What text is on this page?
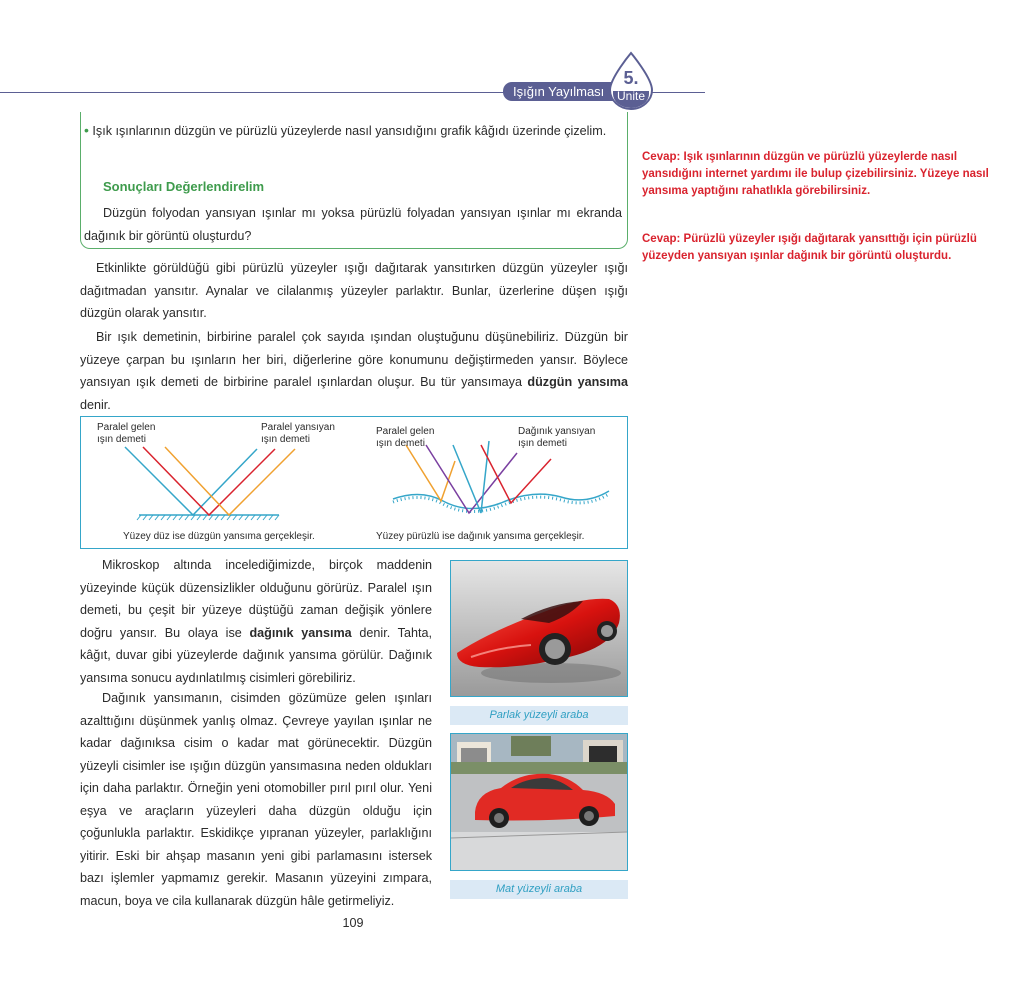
Işığın Yayılması
5.
Ünite
• Işık ışınlarının düzgün ve pürüzlü yüzeylerde nasıl yansıdığını grafik kâğıdı üzerinde çizelim.
Sonuçları Değerlendirelim
Düzgün folyodan yansıyan ışınlar mı yoksa pürüzlü folyadan yansıyan ışınlar mı ekranda dağınık bir görüntü oluşturdu?
Cevap: Işık ışınlarının düzgün ve pürüzlü yüzeylerde nasıl yansıdığını internet yardımı ile bulup çizebilirsiniz. Yüzeye nasıl yansıma yaptığını rahatlıkla görebilirsiniz.
Cevap: Pürüzlü yüzeyler ışığı dağıtarak yansıttığı için pürüzlü yüzeyden yansıyan ışınlar dağınık bir görüntü oluşturdu.
Etkinlikte görüldüğü gibi pürüzlü yüzeyler ışığı dağıtarak yansıtırken düzgün yüzeyler ışığı dağıtmadan yansıtır. Aynalar ve cilalanmış yüzeyler parlaktır. Bunlar, üzerlerine düşen ışığı düzgün olarak yansıtır.
Bir ışık demetinin, birbirine paralel çok sayıda ışından oluştuğunu düşünebiliriz. Düzgün bir yüzeye çarpan bu ışınların her biri, diğerlerine göre konumunu değiştirmeden yansır. Böylece yansıyan ışık demeti de birbirine paralel ışınlardan oluşur. Bu tür yansımaya düzgün yansıma denir.
Paralel gelen
ışın demeti
Paralel yansıyan
ışın demeti
Yüzey düz ise düzgün yansıma gerçekleşir.
Paralel gelen
ışın demeti
Dağınık yansıyan
ışın demeti
Yüzey pürüzlü ise dağınık yansıma gerçekleşir.
Mikroskop altında incelediğimizde, birçok maddenin yüzeyinde küçük düzensizlikler olduğunu görürüz. Paralel ışın demeti, bu çeşit bir yüzeye düştüğü zaman değişik yönlere doğru yansır. Bu olaya ise dağınık yansıma denir. Tahta, kâğıt, duvar gibi yüzeylerde dağınık yansıma görülür. Dağınık yansıma sonucu aydınlatılmış cisimleri görebiliriz.
Dağınık yansımanın, cisimden gözümüze gelen ışınları azalttığını düşünmek yanlış olmaz. Çevreye yayılan ışınlar ne kadar dağınıksa cisim o kadar mat görünecektir. Düzgün yüzeyli cisimler ise ışığın düzgün yansımasına neden oldukları için daha parlaktır. Örneğin yeni otomobiller pırıl pırıl olur. Yeni eşya ve araçların yüzeyleri daha düzgün olduğu için çoğunlukla parlaktır. Eskidikçe yıpranan yüzeyler, parlaklığını yitirir. Eski bir ahşap masanın yeni gibi parlamasını istersek bazı işlemler yapmamız gerekir. Masanın yüzeyini zımpara, macun, boya ve cila kullanarak düzgün hâle getirmeliyiz.
Parlak yüzeyli araba
Mat yüzeyli araba
109
